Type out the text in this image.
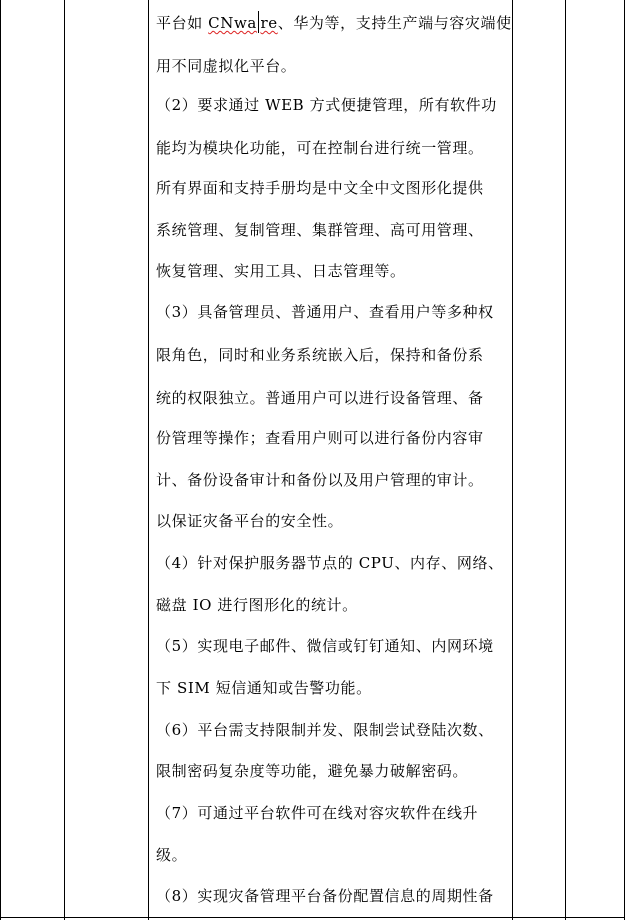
平台如 CNwa re、华为等，支持生产端与容灾端使
用不同虚拟化平台。
（2）要求通过 WEB 方式便捷管理，所有软件功
能均为模块化功能，可在控制台进行统一管理。
所有界面和支持手册均是中文全中文图形化提供
系统管理、复制管理、集群管理、高可用管理、
恢复管理、实用工具、日志管理等。
（3）具备管理员、普通用户、查看用户等多种权
限角色，同时和业务系统嵌入后，保持和备份系
统的权限独立。普通用户可以进行设备管理、备
份管理等操作；查看用户则可以进行备份内容审
计、备份设备审计和备份以及用户管理的审计。
以保证灾备平台的安全性。
（4）针对保护服务器节点的 CPU、内存、网络、
磁盘 IO 进行图形化的统计。
（5）实现电子邮件、微信或钉钉通知、内网环境
下 SIM 短信通知或告警功能。
（6）平台需支持限制并发、限制尝试登陆次数、
限制密码复杂度等功能，避免暴力破解密码。
（7）可通过平台软件可在线对容灾软件在线升
级。
（8）实现灾备管理平台备份配置信息的周期性备
